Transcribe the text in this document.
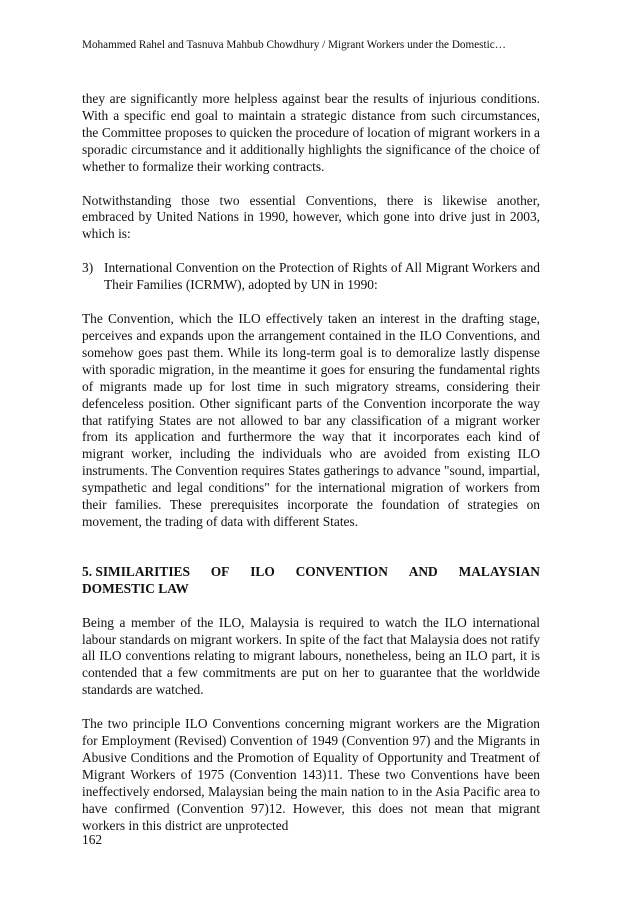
Mohammed Rahel and Tasnuva Mahbub Chowdhury / Migrant Workers under the Domestic…

they are significantly more helpless against bear the results of injurious conditions. With a specific end goal to maintain a strategic distance from such circumstances, the Committee proposes to quicken the procedure of location of migrant workers in a sporadic circumstance and it additionally highlights the significance of the choice of whether to formalize their working contracts.

Notwithstanding those two essential Conventions, there is likewise another, embraced by United Nations in 1990, however, which gone into drive just in 2003, which is:

3) International Convention on the Protection of Rights of All Migrant Workers and Their Families (ICRMW), adopted by UN in 1990:

The Convention, which the ILO effectively taken an interest in the drafting stage, perceives and expands upon the arrangement contained in the ILO Conventions, and somehow goes past them. While its long-term goal is to demoralize lastly dispense with sporadic migration, in the meantime it goes for ensuring the fundamental rights of migrants made up for lost time in such migratory streams, considering their defenceless position. Other significant parts of the Convention incorporate the way that ratifying States are not allowed to bar any classification of a migrant worker from its application and furthermore the way that it incorporates each kind of migrant worker, including the individuals who are avoided from existing ILO instruments. The Convention requires States gatherings to advance "sound, impartial, sympathetic and legal conditions" for the international migration of workers from their families. These prerequisites incorporate the foundation of strategies on movement, the trading of data with different States.

5. SIMILARITIES OF ILO CONVENTION AND MALAYSIAN
DOMESTIC LAW

Being a member of the ILO, Malaysia is required to watch the ILO international labour standards on migrant workers. In spite of the fact that Malaysia does not ratify all ILO conventions relating to migrant labours, nonetheless, being an ILO part, it is contended that a few commitments are put on her to guarantee that the worldwide standards are watched.

The two principle ILO Conventions concerning migrant workers are the Migration for Employment (Revised) Convention of 1949 (Convention 97) and the Migrants in Abusive Conditions and the Promotion of Equality of Opportunity and Treatment of Migrant Workers of 1975 (Convention 143)11. These two Conventions have been ineffectively endorsed, Malaysian being the main nation to in the Asia Pacific area to have confirmed (Convention 97)12. However, this does not mean that migrant workers in this district are unprotected

162
